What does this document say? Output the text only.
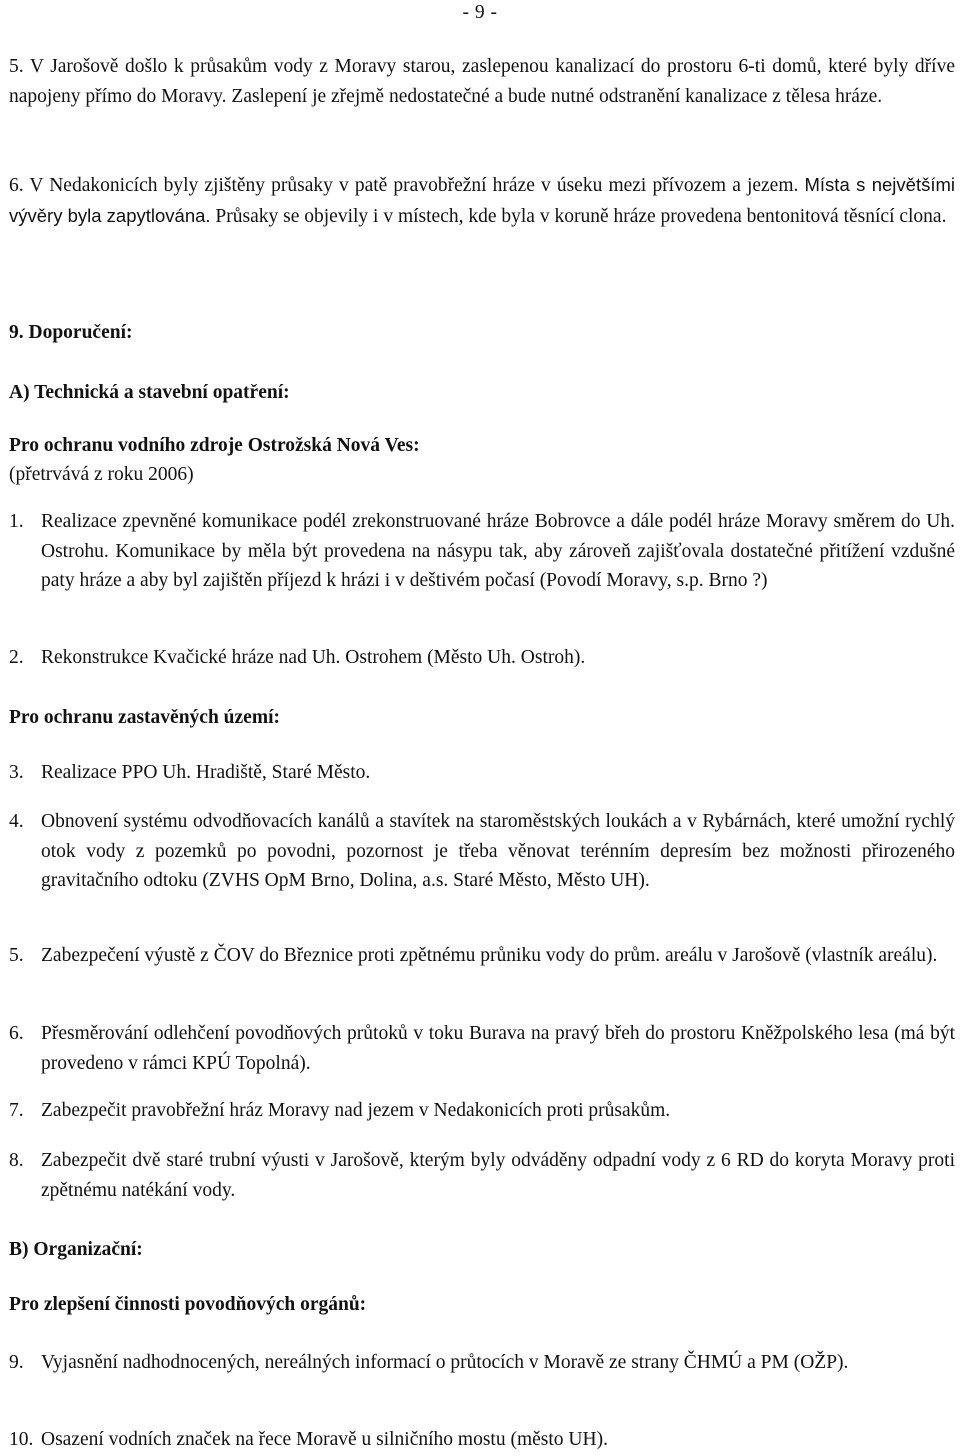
- 9 -

5. V Jarošově došlo k průsakům vody z Moravy starou, zaslepenou kanalizací do prostoru 6-ti domů, které byly dříve napojeny přímo do Moravy. Zaslepení je zřejmě nedostatečné a bude nutné odstranění kanalizace z tělesa hráze.

6. V Nedakonicích byly zjištěny průsaky v patě pravobřežní hráze v úseku mezi přívozem a jezem. Místa s největšími vývěry byla zapytlována. Průsaky se objevily i v místech, kde byla v koruně hráze provedena bentonitová těsnící clona.

9. Doporučení:
A) Technická a stavební opatření:
Pro ochranu vodního zdroje Ostrožská Nová Ves:
(přetrvává z roku 2006)
1. Realizace zpevněné komunikace podél zrekonstruované hráze Bobrovce a dále podél hráze Moravy směrem do Uh. Ostrohu. Komunikace by měla být provedena na násypu tak, aby zároveň zajišťovala dostatečné přitížení vzdušné paty hráze a aby byl zajištěn příjezd k hrázi i v deštivém počasí (Povodí Moravy, s.p. Brno ?)
2. Rekonstrukce Kvačické hráze nad Uh. Ostrohem (Město Uh. Ostroh).
Pro ochranu zastavěných území:
3. Realizace PPO Uh. Hradiště, Staré Město.
4. Obnovení systému odvodňovacích kanálů a stavítek na staroměstských loukách a v Rybárnách, které umožní rychlý otok vody z pozemků po povodni, pozornost je třeba věnovat terénním depresím bez možnosti přirozeného gravitačního odtoku (ZVHS OpM Brno, Dolina, a.s. Staré Město, Město UH).
5. Zabezpečení výustě z ČOV do Březnice proti zpětnému průniku vody do prům. areálu v Jarošově (vlastník areálu).
6. Přesměrování odlehčení povodňových průtoků v toku Burava na pravý břeh do prostoru Kněžpolského lesa (má být provedeno v rámci KPÚ Topolná).
7. Zabezpečit pravobřežní hráz Moravy nad jezem v Nedakonicích proti průsakům.
8. Zabezpečit dvě staré trubní výusti v Jarošově, kterým byly odváděny odpadní vody z 6 RD do koryta Moravy proti zpětnému natékání vody.
B) Organizační:
Pro zlepšení činnosti povodňových orgánů:
9. Vyjasnění nadhodnocených, nereálných informací o průtocích v Moravě ze strany ČHMÚ a PM (OŽP).
10. Osazení vodních značek na řece Moravě u silničního mostu (město UH).
